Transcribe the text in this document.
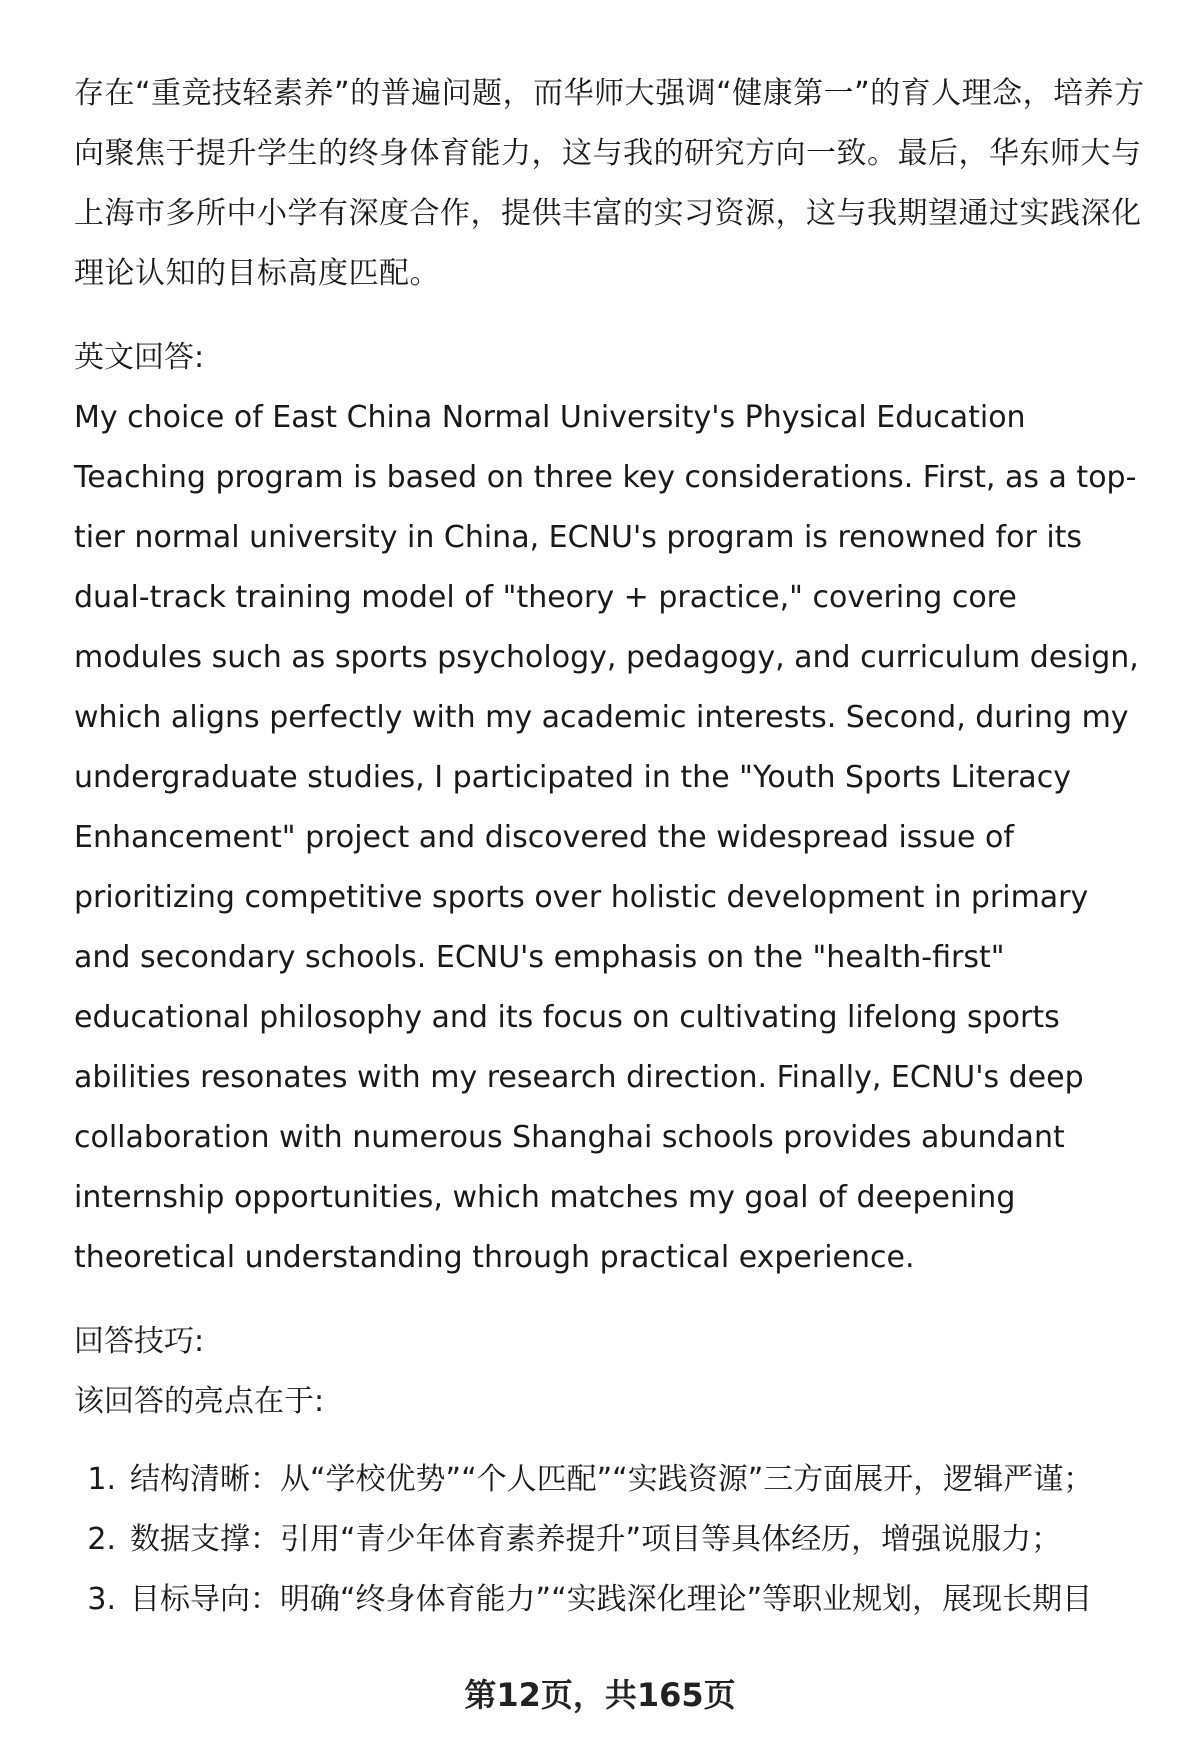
存在“重竞技轻素养”的普遍问题，而华师大强调“健康第一”的育人理念，培养方向聚焦于提升学生的终身体育能力，这与我的研究方向一致。最后，华东师大与上海市多所中小学有深度合作，提供丰富的实习资源，这与我期望通过实践深化理论认知的目标高度匹配。

英文回答:

My choice of East China Normal University's Physical Education Teaching program is based on three key considerations. First, as a top-tier normal university in China, ECNU's program is renowned for its dual-track training model of "theory + practice," covering core modules such as sports psychology, pedagogy, and curriculum design, which aligns perfectly with my academic interests. Second, during my undergraduate studies, I participated in the "Youth Sports Literacy Enhancement" project and discovered the widespread issue of prioritizing competitive sports over holistic development in primary and secondary schools. ECNU's emphasis on the "health-first" educational philosophy and its focus on cultivating lifelong sports abilities resonates with my research direction. Finally, ECNU's deep collaboration with numerous Shanghai schools provides abundant internship opportunities, which matches my goal of deepening theoretical understanding through practical experience.

回答技巧:

该回答的亮点在于:

1. 结构清晰：从“学校优势”“个人匹配”“实践资源”三方面展开，逻辑严谨；
2. 数据支撑：引用“青少年体育素养提升”项目等具体经历，增强说服力；
3. 目标导向：明确“终身体育能力”“实践深化理论”等职业规划，展现长期目
第12页，共165页
